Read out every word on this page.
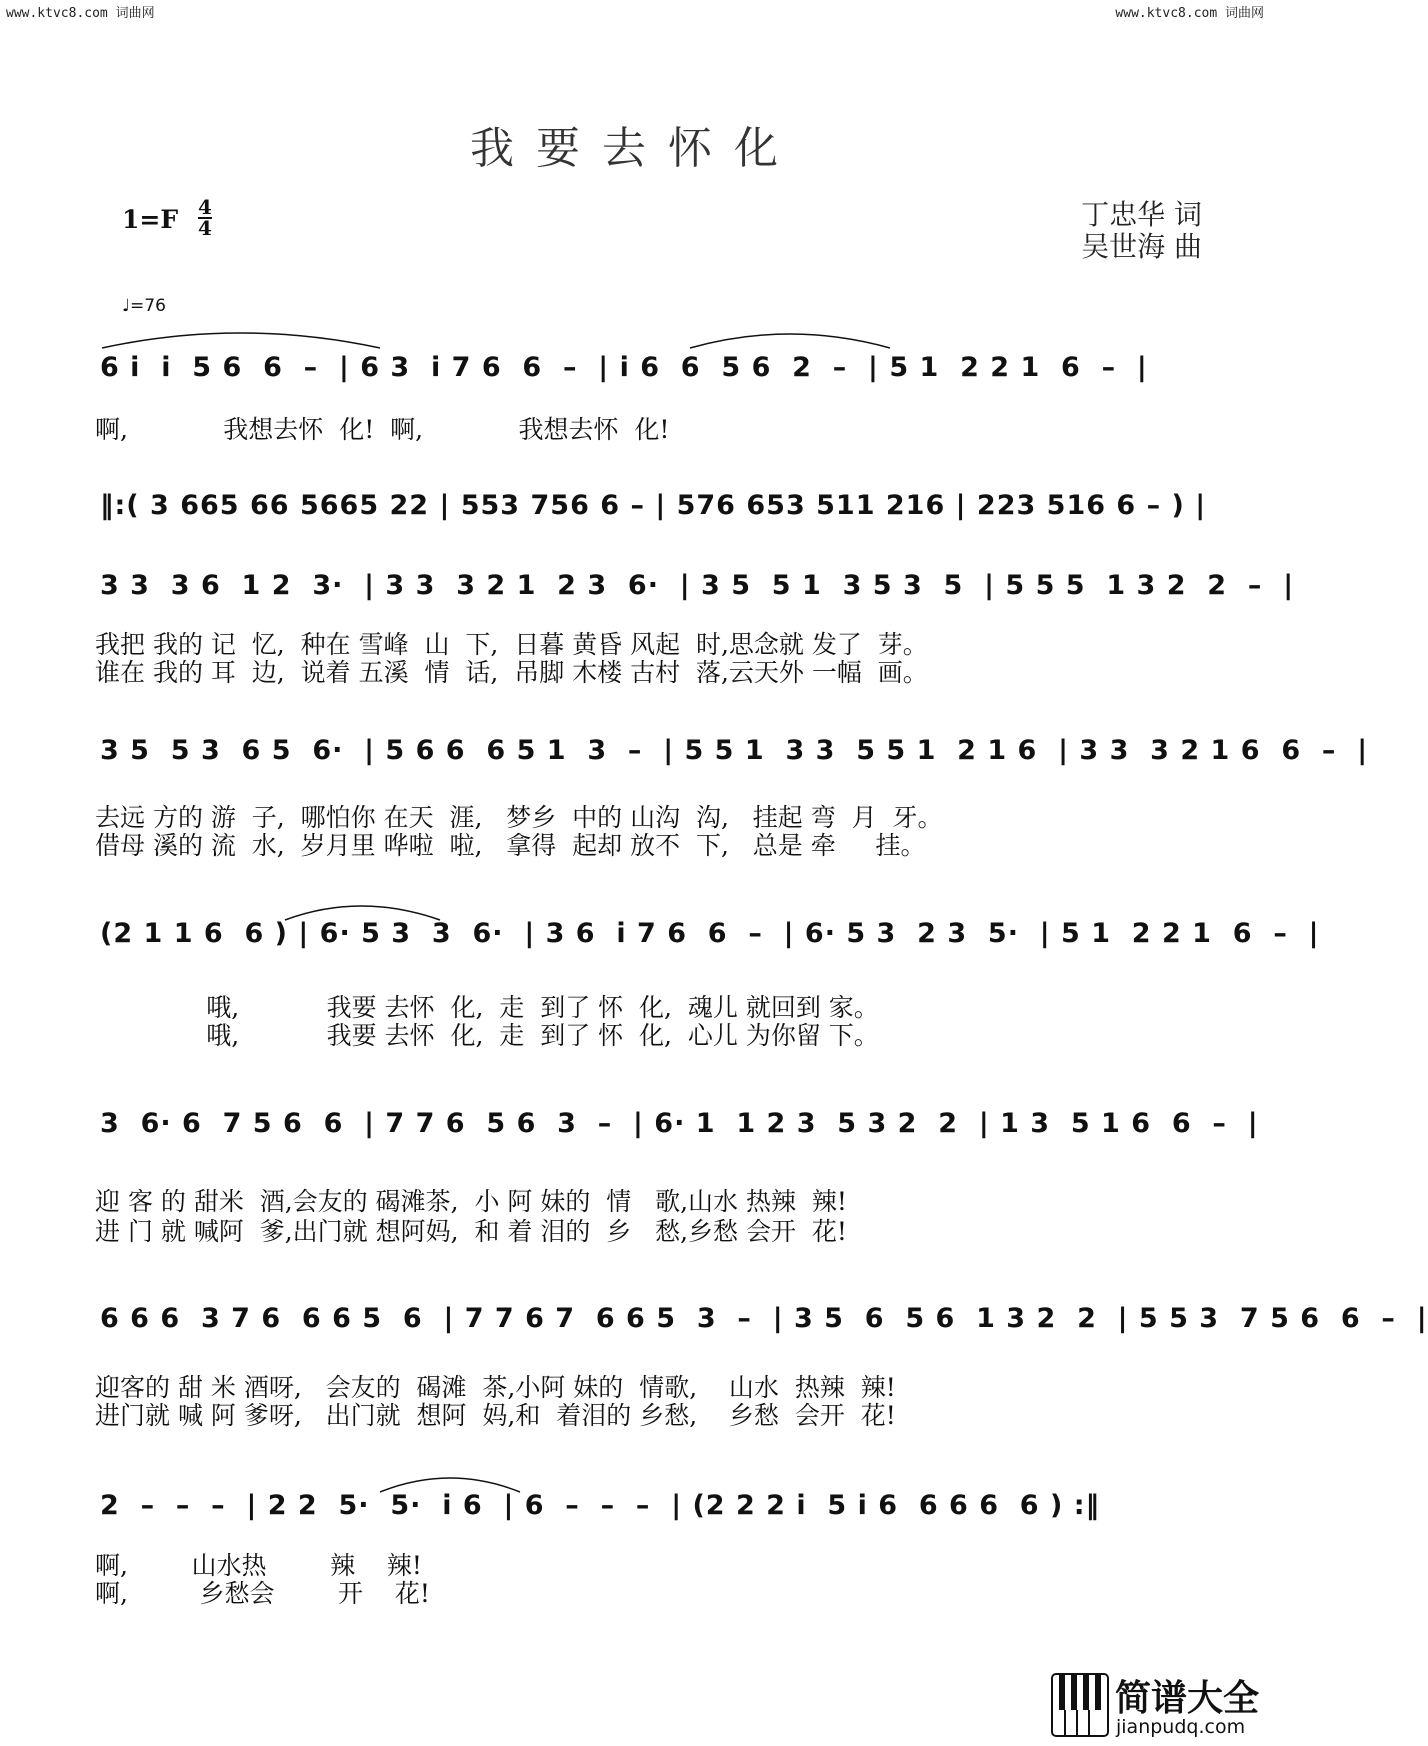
www.ktvc8.com 词曲网	www.ktvc8.com 词曲网
我要去怀化
1=F 4
4	丁忠华 词
吴世海 曲
♩=76
6 i  i  5 6  6  –  | 6 3  i 7 6  6  –  | i 6  6  5 6  2  –  | 5 1  2 2 1  6  –  |
啊,            我想去怀  化!  啊,            我想去怀  化!
‖:( 3 665 66 5665 22 | 553 756 6 – | 576 653 511 216 | 223 516 6 – ) |
3 3  3 6  1 2  3·  | 3 3  3 2 1  2 3  6·  | 3 5  5 1  3 5 3  5  | 5 5 5  1 3 2  2  –  |
我把 我的 记  忆,  种在 雪峰  山  下,  日暮 黄昏 风起  时,思念就 发了  芽。
谁在 我的 耳  边,  说着 五溪  情  话,  吊脚 木楼 古村  落,云天外 一幅  画。
3 5  5 3  6 5  6·  | 5 6 6  6 5 1  3  –  | 5 5 1  3 3  5 5 1  2 1 6  | 3 3  3 2 1 6  6  –  |
去远 方的 游  子,  哪怕你 在天  涯,   梦乡  中的 山沟  沟,   挂起 弯  月  牙。
借母 溪的 流  水,  岁月里 哗啦  啦,   拿得  起却 放不  下,   总是 牵     挂。
(2 1 1 6  6 ) | 6· 5 3  3  6·  | 3 6  i 7 6  6  –  | 6· 5 3  2 3  5·  | 5 1  2 2 1  6  –  |
哦,           我要 去怀  化,  走  到了 怀  化,  魂儿 就回到 家。
哦,           我要 去怀  化,  走  到了 怀  化,  心儿 为你留 下。
3  6· 6  7 5 6  6  | 7 7 6  5 6  3  –  | 6· 1  1 2 3  5 3 2  2  | 1 3  5 1 6  6  –  |
迎 客 的 甜米  酒,会友的 碣滩茶,  小 阿 妹的  情   歌,山水 热辣  辣!
进 门 就 喊阿  爹,出门就 想阿妈,  和 着 泪的  乡   愁,乡愁 会开  花!
6 6 6  3 7 6  6 6 5  6  | 7 7 6 7  6 6 5  3  –  | 3 5  6  5 6  1 3 2  2  | 5 5 3  7 5 6  6  –  |
迎客的 甜 米 酒呀,   会友的  碣滩  茶,小阿 妹的  情歌,    山水  热辣  辣!
进门就 喊 阿 爹呀,   出门就  想阿  妈,和  着泪的 乡愁,    乡愁  会开  花!
2  –  –  –  | 2 2  5·  5·  i 6  | 6  –  –  –  | (2 2 2 i  5 i 6  6 6 6  6 ) :‖
啊,        山水热        辣    辣!
啊,         乡愁会        开    花!
简谱大全
jianpudq.com
